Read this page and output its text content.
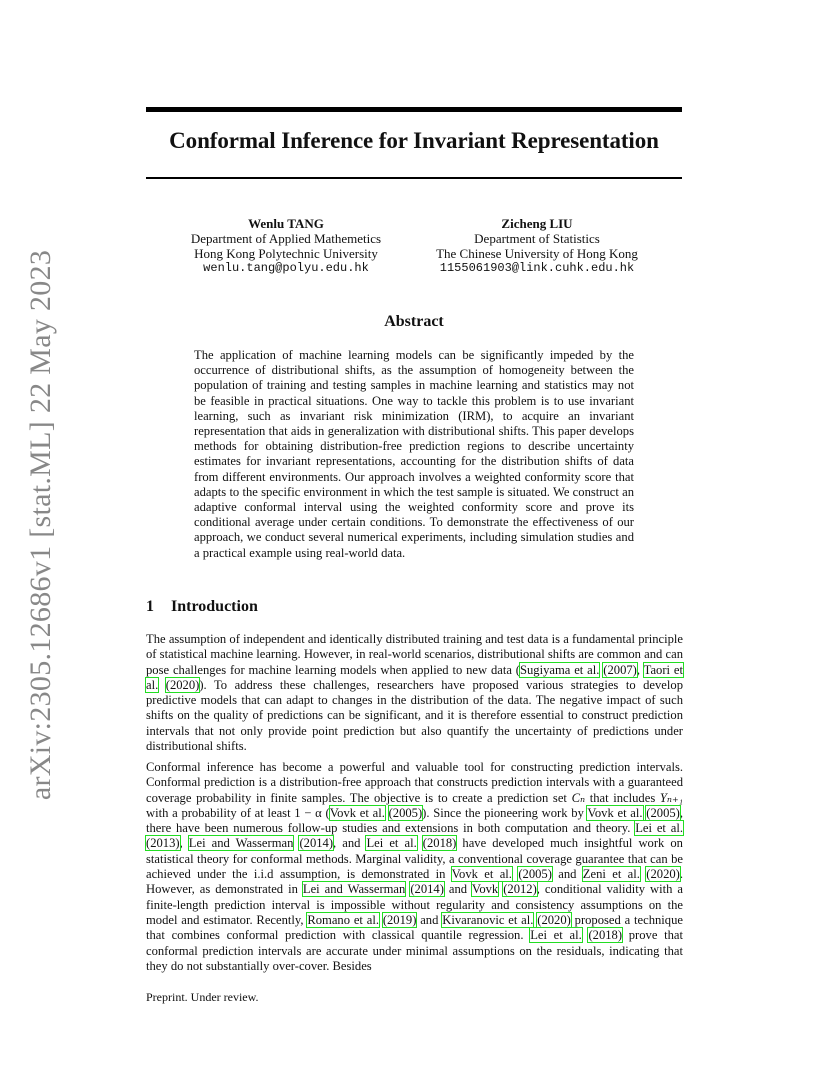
arXiv:2305.12686v1 [stat.ML] 22 May 2023
Conformal Inference for Invariant Representation
Wenlu TANG
Department of Applied Mathemetics
Hong Kong Polytechnic University
wenlu.tang@polyu.edu.hk
Zicheng LIU
Department of Statistics
The Chinese University of Hong Kong
1155061903@link.cuhk.edu.hk
Abstract
The application of machine learning models can be significantly impeded by the occurrence of distributional shifts, as the assumption of homogeneity between the population of training and testing samples in machine learning and statistics may not be feasible in practical situations. One way to tackle this problem is to use invariant learning, such as invariant risk minimization (IRM), to acquire an invariant representation that aids in generalization with distributional shifts. This paper develops methods for obtaining distribution-free prediction regions to describe uncertainty estimates for invariant representations, accounting for the distribution shifts of data from different environments. Our approach involves a weighted conformity score that adapts to the specific environment in which the test sample is situated. We construct an adaptive conformal interval using the weighted conformity score and prove its conditional average under certain conditions. To demonstrate the effectiveness of our approach, we conduct several numerical experiments, including simulation studies and a practical example using real-world data.
1 Introduction

The assumption of independent and identically distributed training and test data is a fundamental principle of statistical machine learning. However, in real-world scenarios, distributional shifts are common and can pose challenges for machine learning models when applied to new data (Sugiyama et al. (2007), Taori et al. (2020)). To address these challenges, researchers have proposed various strategies to develop predictive models that can adapt to changes in the distribution of the data. The negative impact of such shifts on the quality of predictions can be significant, and it is therefore essential to construct prediction intervals that not only provide point prediction but also quantify the uncertainty of predictions under distributional shifts.

Conformal inference has become a powerful and valuable tool for constructing prediction intervals. Conformal prediction is a distribution-free approach that constructs prediction intervals with a guaranteed coverage probability in finite samples. The objective is to create a prediction set Cₙ that includes Yₙ₊₁ with a probability of at least 1 − α (Vovk et al. (2005)). Since the pioneering work by Vovk et al. (2005), there have been numerous follow-up studies and extensions in both computation and theory. Lei et al. (2013), Lei and Wasserman (2014), and Lei et al. (2018) have developed much insightful work on statistical theory for conformal methods. Marginal validity, a conventional coverage guarantee that can be achieved under the i.i.d assumption, is demonstrated in Vovk et al. (2005) and Zeni et al. (2020). However, as demonstrated in Lei and Wasserman (2014) and Vovk (2012), conditional validity with a finite-length prediction interval is impossible without regularity and consistency assumptions on the model and estimator. Recently, Romano et al. (2019) and Kivaranovic et al. (2020) proposed a technique that combines conformal prediction with classical quantile regression. Lei et al. (2018) prove that conformal prediction intervals are accurate under minimal assumptions on the residuals, indicating that they do not substantially over-cover. Besides

Preprint. Under review.
